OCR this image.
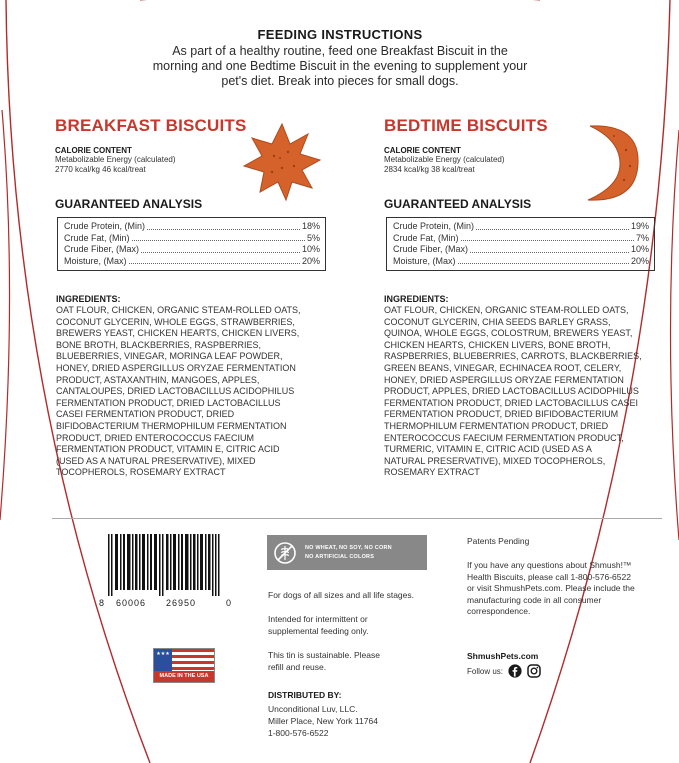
FEEDING INSTRUCTIONS
As part of a healthy routine, feed one Breakfast Biscuit in the morning and one Bedtime Biscuit in the evening to supplement your pet's diet. Break into pieces for small dogs.
BREAKFAST BISCUITS
CALORIE CONTENT
Metabolizable Energy (calculated)
2770 kcal/kg 46 kcal/treat
GUARANTEED ANALYSIS
Crude Protein, (Min)	18%
Crude Fat, (Min)	5%
Crude Fiber, (Max)	10%
Moisture, (Max)	20%
INGREDIENTS:
OAT FLOUR, CHICKEN, ORGANIC STEAM-ROLLED OATS,
COCONUT GLYCERIN, WHOLE EGGS, STRAWBERRIES,
BREWERS YEAST, CHICKEN HEARTS, CHICKEN LIVERS,
BONE BROTH, BLACKBERRIES, RASPBERRIES,
BLUEBERRIES, VINEGAR, MORINGA LEAF POWDER,
HONEY, DRIED ASPERGILLUS ORYZAE FERMENTATION
PRODUCT, ASTAXANTHIN, MANGOES, APPLES,
CANTALOUPES, DRIED LACTOBACILLUS ACIDOPHILUS
FERMENTATION PRODUCT, DRIED LACTOBACILLUS
CASEI FERMENTATION PRODUCT, DRIED
BIFIDOBACTERIUM THERMOPHILUM FERMENTATION
PRODUCT, DRIED ENTEROCOCCUS FAECIUM
FERMENTATION PRODUCT, VITAMIN E, CITRIC ACID
(USED AS A NATURAL PRESERVATIVE), MIXED
TOCOPHEROLS, ROSEMARY EXTRACT
BEDTIME BISCUITS
CALORIE CONTENT
Metabolizable Energy (calculated)
2834 kcal/kg 38 kcal/treat
GUARANTEED ANALYSIS
Crude Protein, (Min)	19%
Crude Fat, (Min)	7%
Crude Fiber, (Max)	10%
Moisture, (Max)	20%
INGREDIENTS:
OAT FLOUR, CHICKEN, ORGANIC STEAM-ROLLED OATS,
COCONUT GLYCERIN, CHIA SEEDS BARLEY GRASS,
QUINOA, WHOLE EGGS, COLOSTRUM, BREWERS YEAST,
CHICKEN HEARTS, CHICKEN LIVERS, BONE BROTH,
RASPBERRIES, BLUEBERRIES, CARROTS, BLACKBERRIES,
GREEN BEANS, VINEGAR, ECHINACEA ROOT, CELERY,
HONEY, DRIED ASPERGILLUS ORYZAE FERMENTATION
PRODUCT, APPLES, DRIED LACTOBACILLUS ACIDOPHILUS
FERMENTATION PRODUCT, DRIED LACTOBACILLUS CASEI
FERMENTATION PRODUCT, DRIED BIFIDOBACTERIUM
THERMOPHILUM FERMENTATION PRODUCT, DRIED
ENTEROCOCCUS FAECIUM FERMENTATION PRODUCT,
TURMERIC, VITAMIN E, CITRIC ACID (USED AS A
NATURAL PRESERVATIVE), MIXED TOCOPHEROLS,
ROSEMARY EXTRACT
8 60006 26950	0
★★★
MADE IN THE USA
NO WHEAT, NO SOY, NO CORN
NO ARTIFICIAL COLORS
For dogs of all sizes and all life stages.
Intended for intermittent or supplemental feeding only.
This tin is sustainable. Please refill and reuse.
DISTRIBUTED BY:
Unconditional Luv, LLC.
Miller Place, New York 11764
1-800-576-6522
Patents Pending
If you have any questions about Shmush!™ Health Biscuits, please call 1-800-576-6522 or visit ShmushPets.com. Please include the manufacturing code in all consumer correspondence.
ShmushPets.com
Follow us:
